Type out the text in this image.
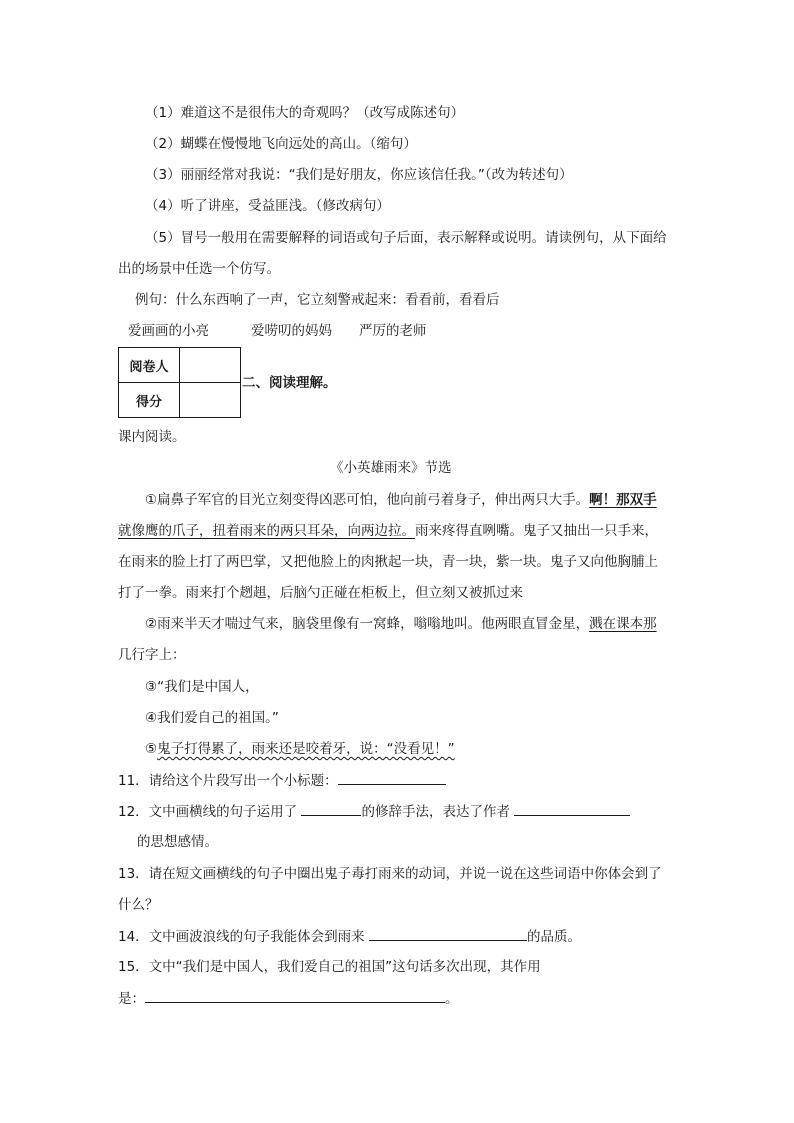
（1）难道这不是很伟大的奇观吗？（改写成陈述句）
（2）蝴蝶在慢慢地飞向远处的高山。（缩句）
（3）丽丽经常对我说：“我们是好朋友，你应该信任我。”（改为转述句）
（4）听了讲座，受益匪浅。（修改病句）
（5）冒号一般用在需要解释的词语或句子后面，表示解释或说明。请读例句，从下面给
出的场景中任选一个仿写。
例句：什么东西响了一声，它立刻警戒起来：看看前，看看后
爱画画的小亮	爱唠叨的妈妈 严厉的老师
阅卷人	
得分	
二、阅读理解。
课内阅读。
《小英雄雨来》节选
①扁鼻子军官的目光立刻变得凶恶可怕，他向前弓着身子，伸出两只大手。啊！那双手
就像鹰的爪子，扭着雨来的两只耳朵，向两边拉。雨来疼得直咧嘴。鬼子又抽出一只手来，
在雨来的脸上打了两巴掌，又把他脸上的肉揪起一块，青一块，紫一块。鬼子又向他胸脯上
打了一拳。雨来打个趔趄，后脑勺正碰在柜板上，但立刻又被抓过来
②雨来半天才喘过气来，脑袋里像有一窝蜂，嗡嗡地叫。他两眼直冒金星，溅在课本那
几行字上：
③“我们是中国人，
④我们爱自己的祖国。”
⑤鬼子打得累了，雨来还是咬着牙，说：“没看见！”
11．请给这个片段写出一个小标题：
12．文中画横线的句子运用了	的修辞手法，表达了作者
的思想感情。
13．请在短文画横线的句子中圈出鬼子毒打雨来的动词，并说一说在这些词语中你体会到了
什么？
14．文中画波浪线的句子我能体会到雨来	的品质。
15．文中“我们是中国人，我们爱自己的祖国”这句话多次出现，其作用
是：	。
